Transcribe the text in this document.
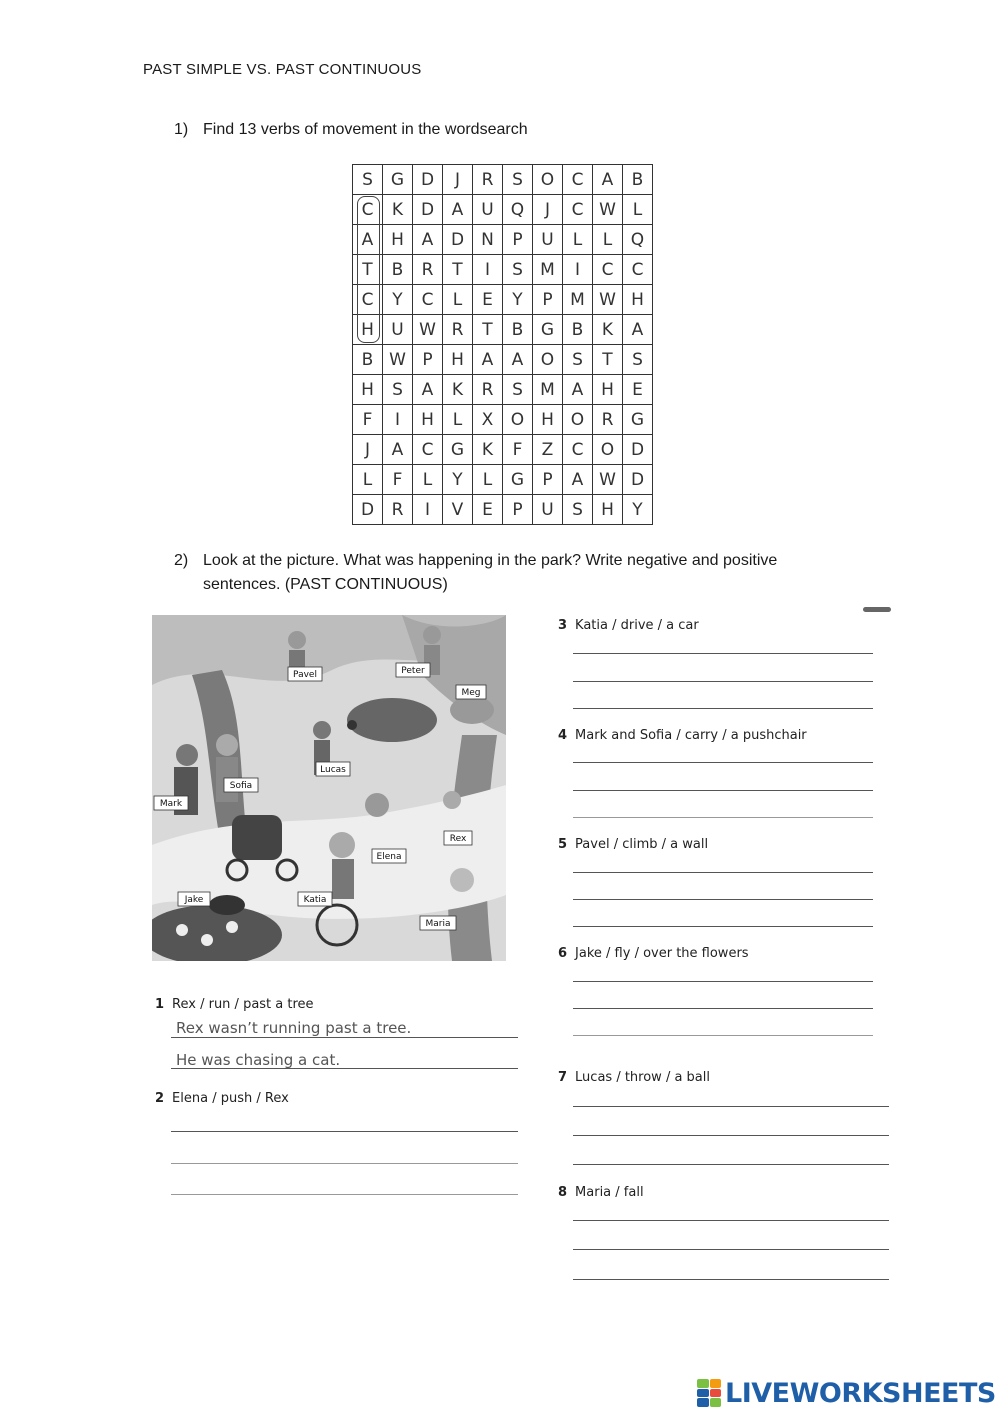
PAST SIMPLE VS. PAST CONTINUOUS
1) Find 13 verbs of movement in the wordsearch
S	G	D	J	R	S	O	C	A	B
C	K	D	A	U	Q	J	C	W	L
A	H	A	D	N	P	U	L	L	Q
T	B	R	T	I	S	M	I	C	C
C	Y	C	L	E	Y	P	M	W	H
H	U	W	R	T	B	G	B	K	A
B	W	P	H	A	A	O	S	T	S
H	S	A	K	R	S	M	A	H	E
F	I	H	L	X	O	H	O	R	G
J	A	C	G	K	F	Z	C	O	D
L	F	L	Y	L	G	P	A	W	D
D	R	I	V	E	P	U	S	H	Y
2) Look at the picture. What was happening in the park? Write negative and positive sentences. (PAST CONTINUOUS)
Pavel	Peter
Meg
Lucas
Sofia
Mark
Rex
Elena
Jake	Katia
Maria
1 Rex / run / past a tree
Rex wasn’t running past a tree.
He was chasing a cat.
2 Elena / push / Rex
3 Katia / drive / a car
4 Mark and Sofia / carry / a pushchair
5 Pavel / climb / a wall
6 Jake / fly / over the flowers
7 Lucas / throw / a ball
8 Maria / fall
LIVEWORKSHEETS
